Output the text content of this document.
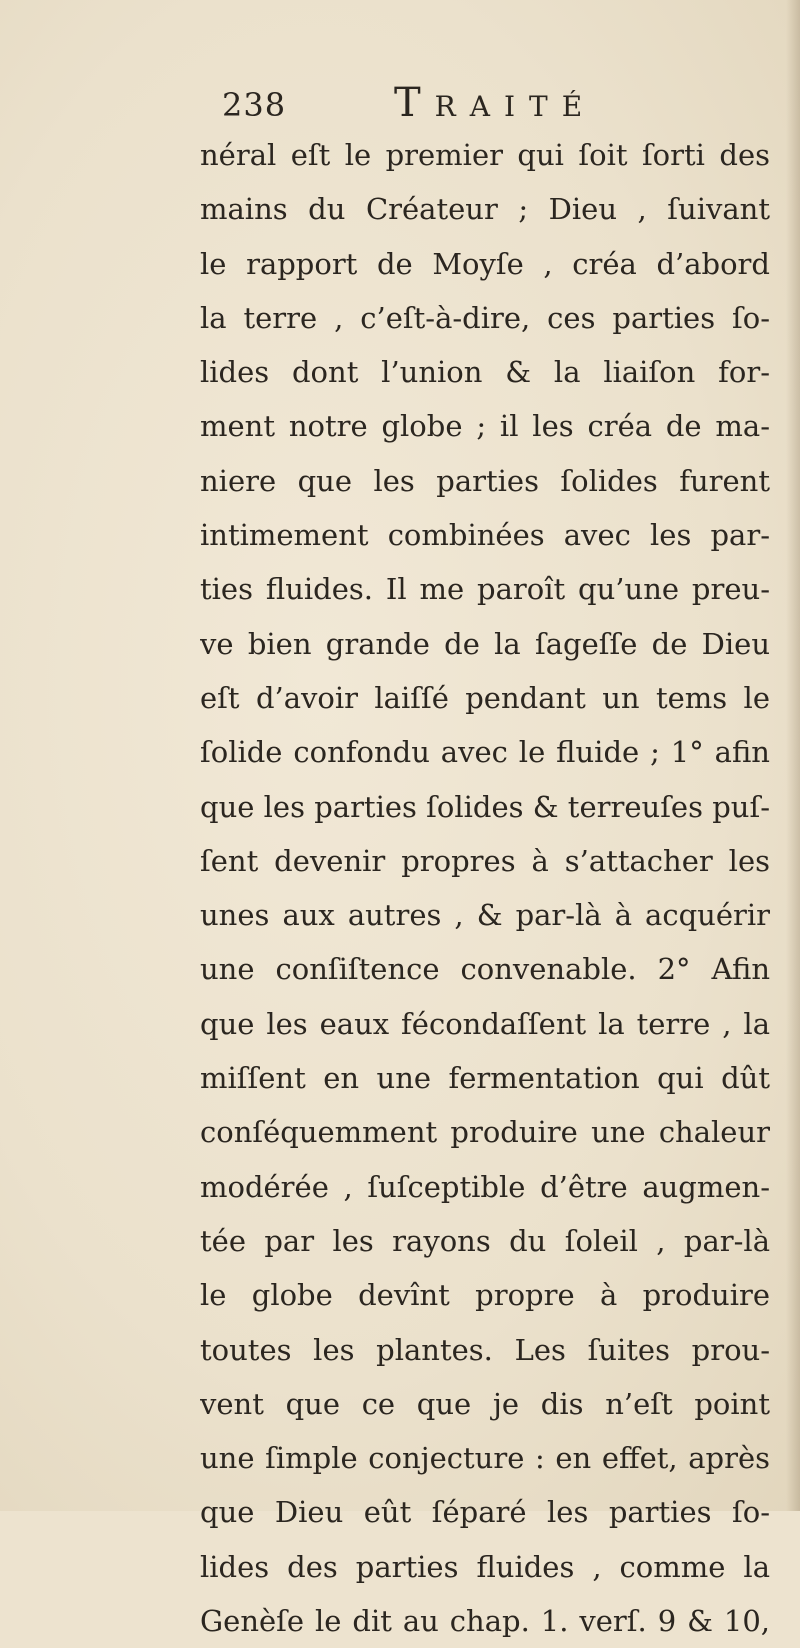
238	Traité
néral eſt le premier qui ſoit ſorti des
mains du Créateur ; Dieu , ſuivant
le rapport de Moyſe , créa d’abord
la terre , c’eſt-à-dire, ces parties ſo-
lides dont l’union & la liaiſon for-
ment notre globe ; il les créa de ma-
niere que les parties ſolides furent
intimement combinées avec les par-
ties fluides. Il me paroît qu’une preu-
ve bien grande de la ſageſſe de Dieu
eſt d’avoir laiſſé pendant un tems le
ſolide confondu avec le fluide ; 1° afin
que les parties ſolides & terreuſes puſ-
ſent devenir propres à s’attacher les
unes aux autres , & par-là à acquérir
une conſiſtence convenable. 2° Afin
que les eaux fécondaſſent la terre , la
miſſent en une fermentation qui dût
conſéquemment produire une chaleur
modérée , ſuſceptible d’être augmen-
tée par les rayons du ſoleil , par-là
le globe devînt propre à produire
toutes les plantes. Les ſuites prou-
vent que ce que je dis n’eſt point
une ſimple conjecture : en effet, après
que Dieu eût ſéparé les parties ſo-
lides des parties fluides , comme la
Genèſe le dit au chap. 1. verſ. 9 & 10,
